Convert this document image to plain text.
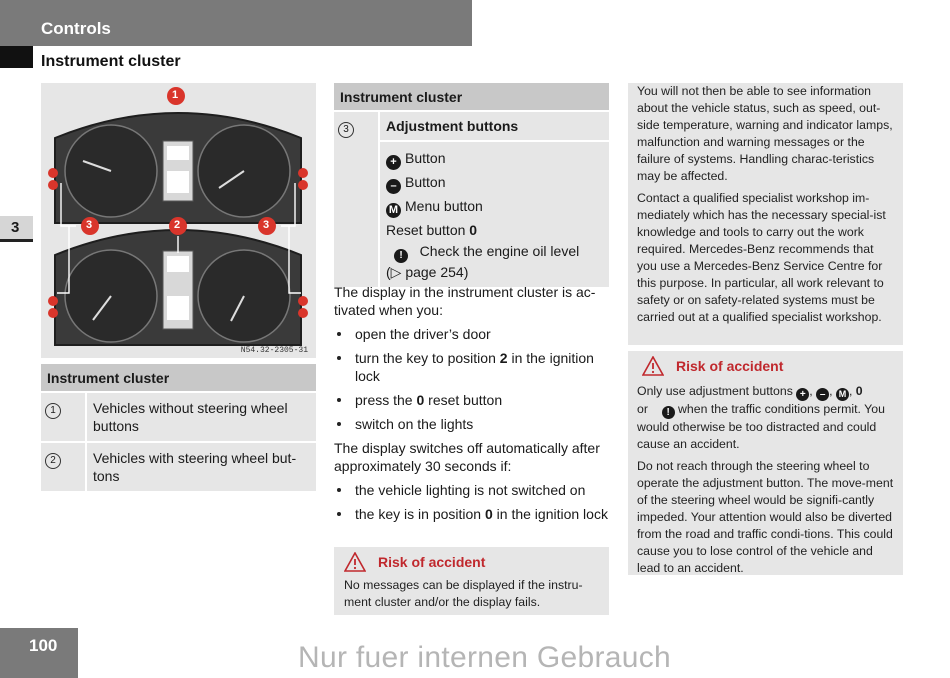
Controls
Instrument cluster
3
1
3	2	3
N54.32-2305-31
Instrument cluster
1	Vehicles without steering wheel buttons
2	Vehicles with steering wheel but-tons
Instrument cluster
3	Adjustment buttons
+ Button
– Button
M Menu button
Reset button 0
! Check the engine oil level
(▷ page 254)
The display in the instrument cluster is ac-tivated when you:
open the driver’s door
turn the key to position 2 in the ignition lock
press the 0 reset button
switch on the lights
The display switches off automatically after approximately 30 seconds if:
the vehicle lighting is not switched on
the key is in position 0 in the ignition lock
Risk of accident
No messages can be displayed if the instru-ment cluster and/or the display fails.

You will not then be able to see information about the vehicle status, such as speed, out-side temperature, warning and indicator lamps, malfunction and warning messages or the failure of systems. Handling charac-teristics may be affected.

Contact a qualified specialist workshop im-mediately which has the necessary special-ist knowledge and tools to carry out the work required. Mercedes-Benz recommends that you use a Mercedes-Benz Service Centre for this purpose. In particular, all work relevant to safety or on safety-related systems must be carried out at a qualified specialist workshop.

Risk of accident

Only use adjustment buttons + , – , M , 0
or ! when the traffic conditions permit. You would otherwise be too distracted and could cause an accident.

Do not reach through the steering wheel to operate the adjustment button. The move-ment of the steering wheel would be signifi-cantly impeded. Your attention would also be diverted from the road and traffic condi-tions. This could cause you to lose control of the vehicle and lead to an accident.

100	Nur fuer internen Gebrauch
